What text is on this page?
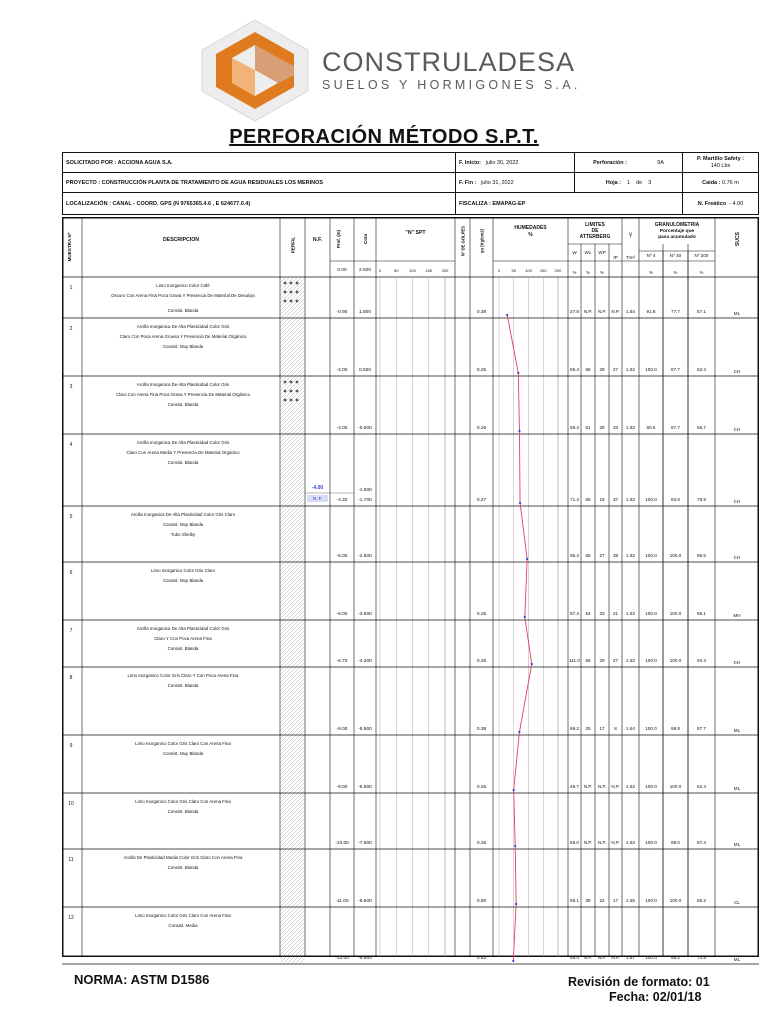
CONSTRULADESA
SUELOS Y HORMIGONES S.A.
PERFORACIÓN MÉTODO S.P.T.
SOLICITADO POR : ACCIONA AGUA S.A.	F. Inicio:
julio 30, 2022	Perforación :	9A
P. Martillo Safety :
140 Lbs
PROYECTO : CONSTRUCCIÓN PLANTA DE TRATAMIENTO DE AGUA RESIDUALES LOS MERINOS	F. Fin :
julio 31, 2022	Hoja : 1 de 3	Caida :
0.76 m
LOCALIZACIÓN : CANAL - COORD. GPS (N 9765365.4.6 , E 624677.0.4)	FISCALIZA : EMAPAG-EP	N. Freático
- 4.00
MUESTRA Nº	DESCRIPCION	PERFIL	N.F.	Prof. (m)	Cota
"N" SPT	Nº DE GOLPES	qu (Kg/cm2)
HUMEDADES
%
LIMITES
DE
ATTERBERG	γ
GRANULOMETRIA
Porcentaje que
pasa acumulado	SUCS
0.00	2.500 0	50	100 150 200	0	50 100 150 200
W
%
WL
%
WP
%
IP T/m³	Nº 4
%
Nº 40
%
Nº 200
%
1	Limo Inorganico Color Café
Oscuro Con Arena Fina Poca Grava Y Presencia De Material De Desalojo
Consist. Blanda	-0.90 1.600	0.38	27.8 N.P. N.P. N.P. 1.64	91.8	77.7	57.1	ML
2	Arcilla Inorganica De Alta Plasticidad Color Gris
Claro Con Poca Arena Gruesa Y Presencia De Material Orgánico
Consist. Muy Blanda
-2.00 0.500	0.25	65.4 55 28 27 1.62 100.0	87.7	82.3	CH
3	Arcilla Inorganica De Alta Plasticidad Color Gris
Claro Con Arena Fina Poca Grava Y Presencia De Material Orgánico
Consist. Blanda
-3.00 -0.500	0.26	69.4 61 28 33 1.63	80.5	67.7	56.7	CH
4	Arcilla Inorganica De Alta Plasticidad Color Gris
Claro Con Arena Media Y Presencia De Material Orgánico
Consist. Blanda
-4.20 -1.700	0.27	71.4 55 18 37 1.63 100.0	83.6	78.9	CH
-1.500
-4.00
N. F.
5	Arcilla Inorganica De Alta Plasticidad Color Gris Claro
Consist. Muy Blanda
Tubo Shelby
-5.00 -2.500	95.4 65 27 38 1.62 100.0	100.0	96.5	CH
6	Limo Inorganico Color Gris Claro
Consist. Muy Blanda
-6.00 -3.500	0.25	87.4 54 33 21 1.62 100.0	100.0	96.1	MH
7	Arcilla Inorganica De Alta Plasticidad Color Gris
Claro Y Con Poca Arena Fina
Consist. Blanda
-6.70 -4.200	0.26	111.0 56 29 27 1.63 100.0	100.0	94.3	CH
8	Limo Inorganico Color Gris Claro Y Con Poca Arena Fina
Consist. Blanda
-8.00 -5.500	0.38	69.2 25 17 8 1.64 100.0	98.8	87.7	ML
9	Limo Inorganico Color Gris Claro Con Arena Fina
Consist. Muy Blanda
-9.00 -6.500	0.25	49.7 N.P. N.P. N.P. 1.62 100.0	100.0	62.4	ML
10	Limo Inorganico Color Gris Claro Con Arena Fina
Consist. Blanda
-10.00 -7.500	0.26	55.0 N.P. N.P. N.P. 1.63 100.0	98.0	67.3	ML
11	Arcilla De Plasticidad Media Color Gris Claro Con Arena Fina
Consist. Blanda
-11.00 -8.500	0.50	58.1 39 22 17 1.65 100.0	100.0	55.2	CL
12	Limo Inorganico Color Gris Claro Con Arena Fina
Consist. Media
-12.00 -9.500	0.63	48.4 N.P. N.P. N.P. 1.67 100.0	99.2	71.9	ML
NORMA: ASTM D1586	Revisión de formato: 01
Fecha: 02/01/18
